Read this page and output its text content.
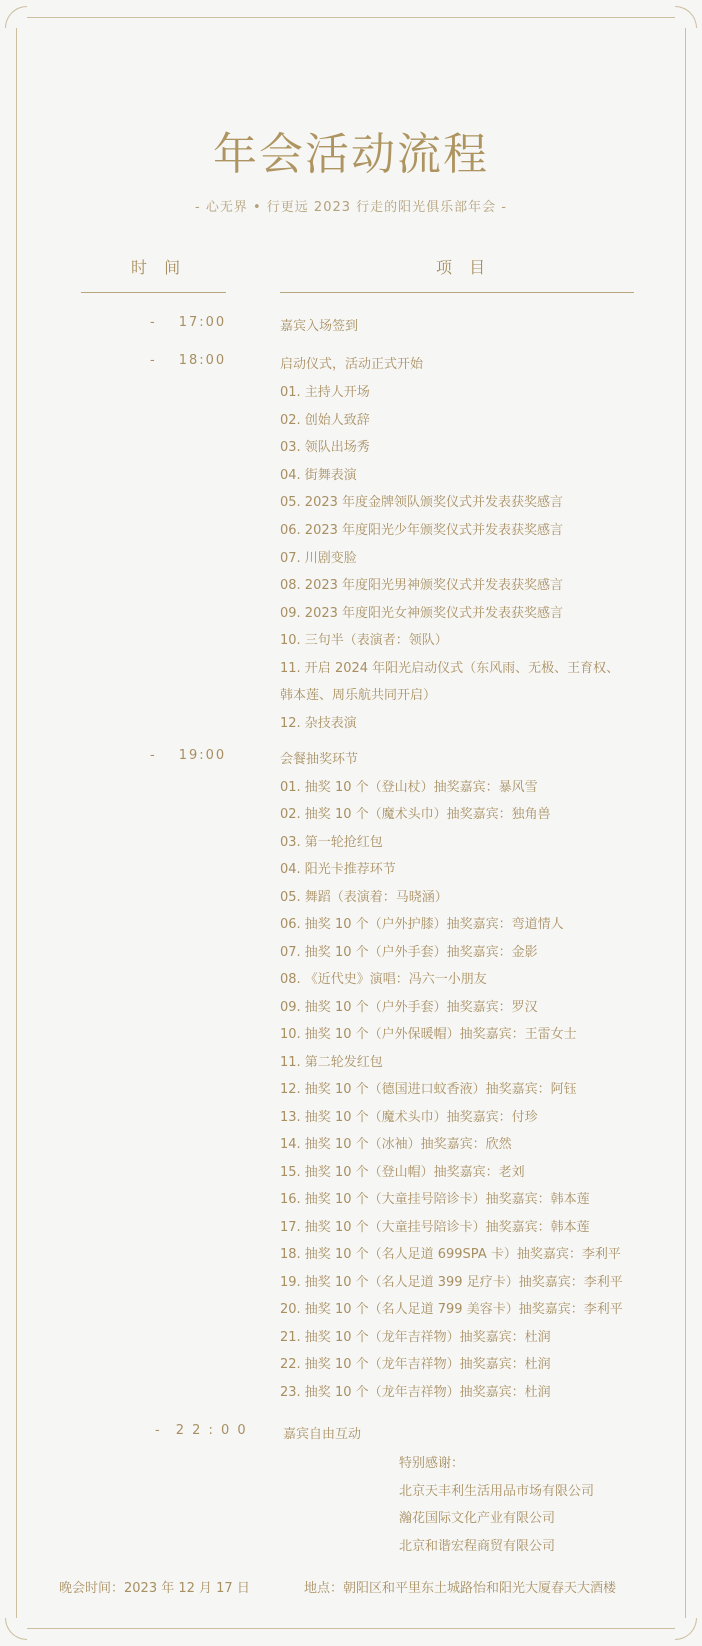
年会活动流程
- 心无界 • 行更远 2023 行走的阳光俱乐部年会 -
时 间	项 目
- 17:00	嘉宾入场签到
- 18:00	启动仪式，活动正式开始
01. 主持人开场
02. 创始人致辞
03. 领队出场秀
04. 街舞表演
05. 2023 年度金牌领队颁奖仪式并发表获奖感言
06. 2023 年度阳光少年颁奖仪式并发表获奖感言
07. 川剧变脸
08. 2023 年度阳光男神颁奖仪式并发表获奖感言
09. 2023 年度阳光女神颁奖仪式并发表获奖感言
10. 三句半（表演者：领队）
11. 开启 2024 年阳光启动仪式（东风雨、无极、王育权、
韩本莲、周乐航共同开启）
12. 杂技表演
- 19:00	会餐抽奖环节
01. 抽奖 10 个（登山杖）抽奖嘉宾：暴风雪
02. 抽奖 10 个（魔术头巾）抽奖嘉宾：独角兽
03. 第一轮抢红包
04. 阳光卡推荐环节
05. 舞蹈（表演着：马晓涵）
06. 抽奖 10 个（户外护膝）抽奖嘉宾：弯道情人
07. 抽奖 10 个（户外手套）抽奖嘉宾：金影
08. 《近代史》演唱：冯六一小朋友
09. 抽奖 10 个（户外手套）抽奖嘉宾：罗汉
10. 抽奖 10 个（户外保暖帽）抽奖嘉宾：王雷女士
11. 第二轮发红包
12. 抽奖 10 个（德国进口蚊香液）抽奖嘉宾：阿钰
13. 抽奖 10 个（魔术头巾）抽奖嘉宾：付珍
14. 抽奖 10 个（冰袖）抽奖嘉宾：欣然
15. 抽奖 10 个（登山帽）抽奖嘉宾：老刘
16. 抽奖 10 个（大童挂号陪诊卡）抽奖嘉宾：韩本莲
17. 抽奖 10 个（大童挂号陪诊卡）抽奖嘉宾：韩本莲
18. 抽奖 10 个（名人足道 699SPA 卡）抽奖嘉宾：李利平
19. 抽奖 10 个（名人足道 399 足疗卡）抽奖嘉宾：李利平
20. 抽奖 10 个（名人足道 799 美容卡）抽奖嘉宾：李利平
21. 抽奖 10 个（龙年吉祥物）抽奖嘉宾：杜润
22. 抽奖 10 个（龙年吉祥物）抽奖嘉宾：杜润
23. 抽奖 10 个（龙年吉祥物）抽奖嘉宾：杜润
- 2 2 : 0 0	嘉宾自由互动
特别感谢：
北京天丰利生活用品市场有限公司
瀚花国际文化产业有限公司
北京和谐宏程商贸有限公司
晚会时间：2023 年 12 月 17 日	地点：朝阳区和平里东土城路怡和阳光大厦春天大酒楼
